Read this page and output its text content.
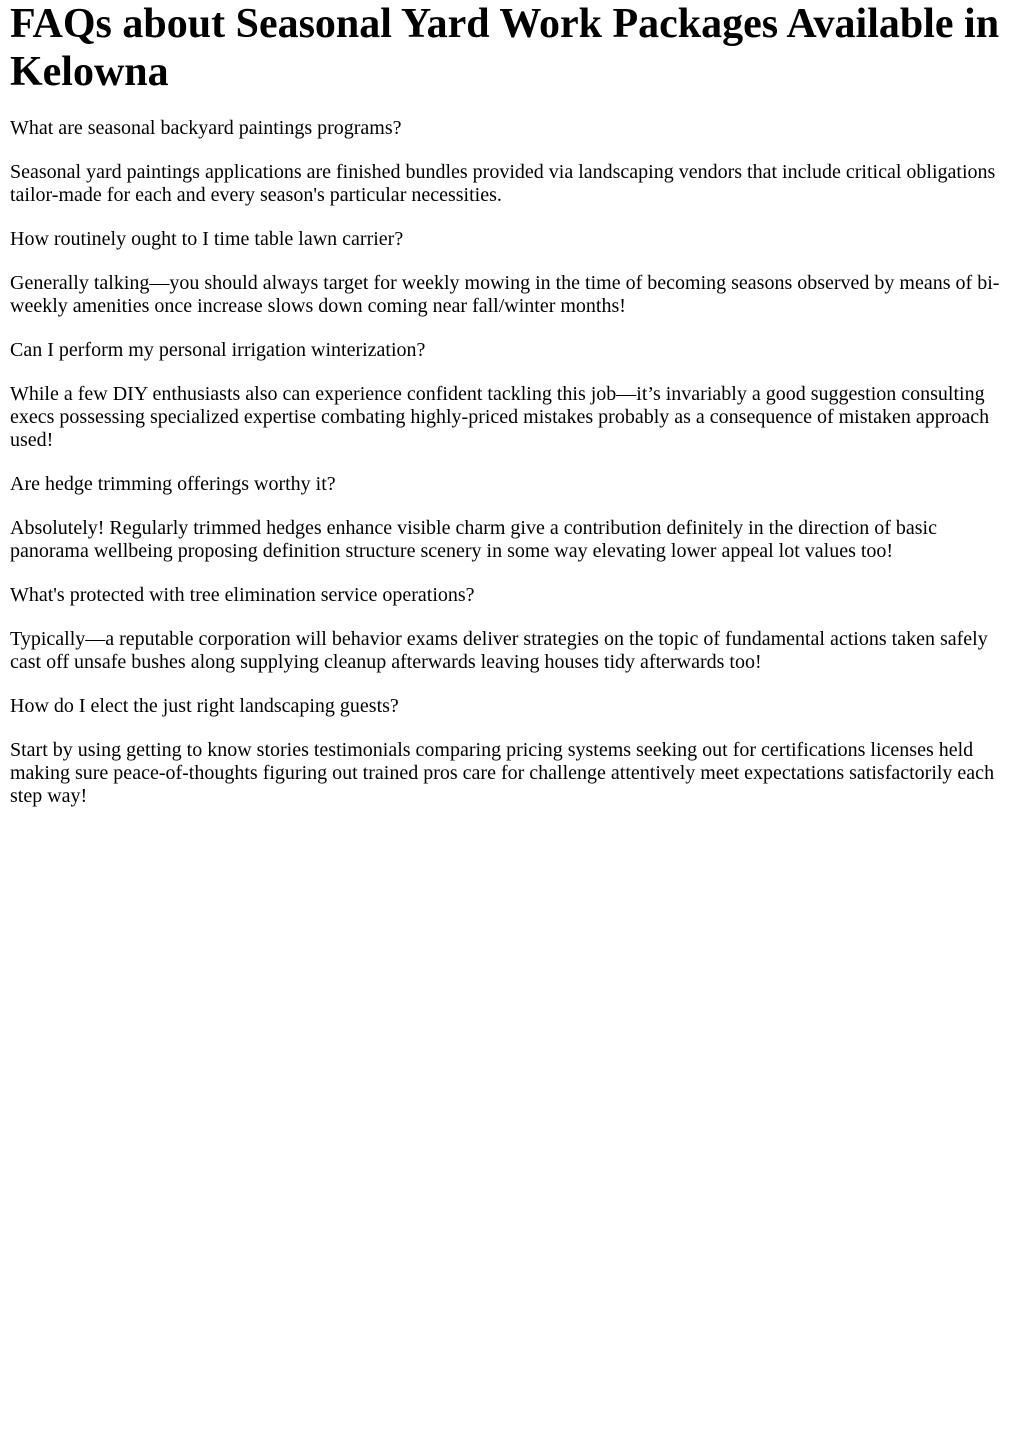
FAQs about Seasonal Yard Work Packages Available in Kelowna

What are seasonal backyard paintings programs?

Seasonal yard paintings applications are finished bundles provided via landscaping vendors that include critical obligations tailor-made for each and every season's particular necessities.

How routinely ought to I time table lawn carrier?

Generally talking—you should always target for weekly mowing in the time of becoming seasons observed by means of bi-weekly amenities once increase slows down coming near fall/winter months!

Can I perform my personal irrigation winterization?

While a few DIY enthusiasts also can experience confident tackling this job—it’s invariably a good suggestion consulting execs possessing specialized expertise combating highly-priced mistakes probably as a consequence of mistaken approach used!

Are hedge trimming offerings worthy it?

Absolutely! Regularly trimmed hedges enhance visible charm give a contribution definitely in the direction of basic panorama wellbeing proposing definition structure scenery in some way elevating lower appeal lot values too!

What's protected with tree elimination service operations?

Typically—a reputable corporation will behavior exams deliver strategies on the topic of fundamental actions taken safely cast off unsafe bushes along supplying cleanup afterwards leaving houses tidy afterwards too!

How do I elect the just right landscaping guests?

Start by using getting to know stories testimonials comparing pricing systems seeking out for certifications licenses held making sure peace-of-thoughts figuring out trained pros care for challenge attentively meet expectations satisfactorily each step way!
